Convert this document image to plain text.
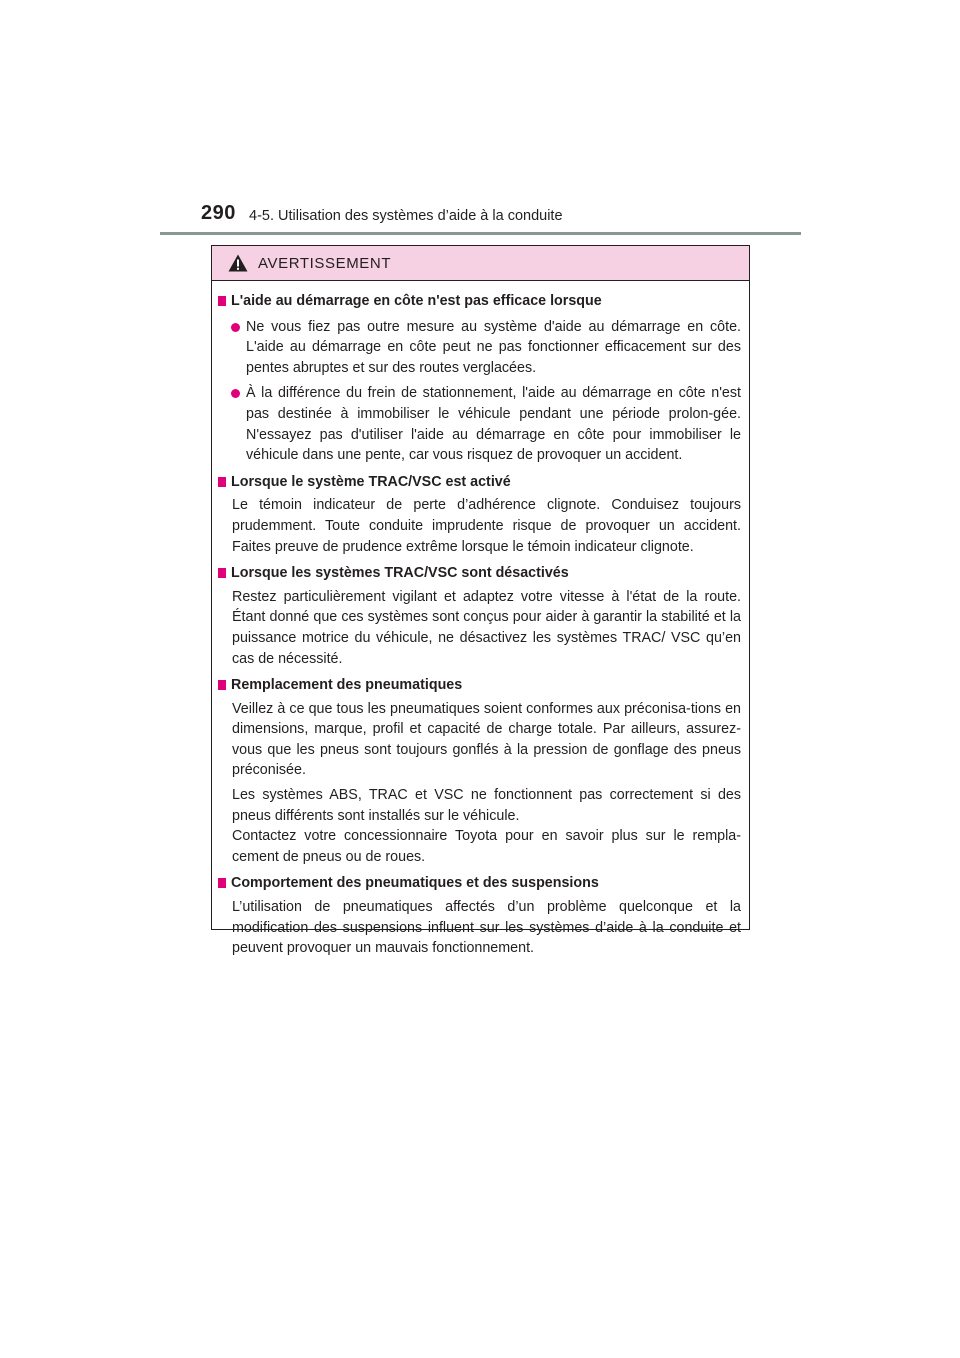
290 4-5. Utilisation des systèmes d’aide à la conduite
AVERTISSEMENT
L'aide au démarrage en côte n'est pas efficace lorsque
Ne vous fiez pas outre mesure au système d'aide au démarrage en côte. L'aide au démarrage en côte peut ne pas fonctionner efficacement sur des pentes abruptes et sur des routes verglacées.
À la différence du frein de stationnement, l'aide au démarrage en côte n'est pas destinée à immobiliser le véhicule pendant une période prolon-gée. N'essayez pas d'utiliser l'aide au démarrage en côte pour immobiliser le véhicule dans une pente, car vous risquez de provoquer un accident.
Lorsque le système TRAC/VSC est activé
Le témoin indicateur de perte d’adhérence clignote. Conduisez toujours prudemment. Toute conduite imprudente risque de provoquer un accident. Faites preuve de prudence extrême lorsque le témoin indicateur clignote.
Lorsque les systèmes TRAC/VSC sont désactivés
Restez particulièrement vigilant et adaptez votre vitesse à l'état de la route. Étant donné que ces systèmes sont conçus pour aider à garantir la stabilité et la puissance motrice du véhicule, ne désactivez les systèmes TRAC/ VSC qu’en cas de nécessité.
Remplacement des pneumatiques
Veillez à ce que tous les pneumatiques soient conformes aux préconisa-tions en dimensions, marque, profil et capacité de charge totale. Par ailleurs, assurez-vous que les pneus sont toujours gonflés à la pression de gonflage des pneus préconisée.
Les systèmes ABS, TRAC et VSC ne fonctionnent pas correctement si des pneus différents sont installés sur le véhicule.
Contactez votre concessionnaire Toyota pour en savoir plus sur le rempla-cement de pneus ou de roues.
Comportement des pneumatiques et des suspensions
L’utilisation de pneumatiques affectés d’un problème quelconque et la modification des suspensions influent sur les systèmes d’aide à la conduite et peuvent provoquer un mauvais fonctionnement.
